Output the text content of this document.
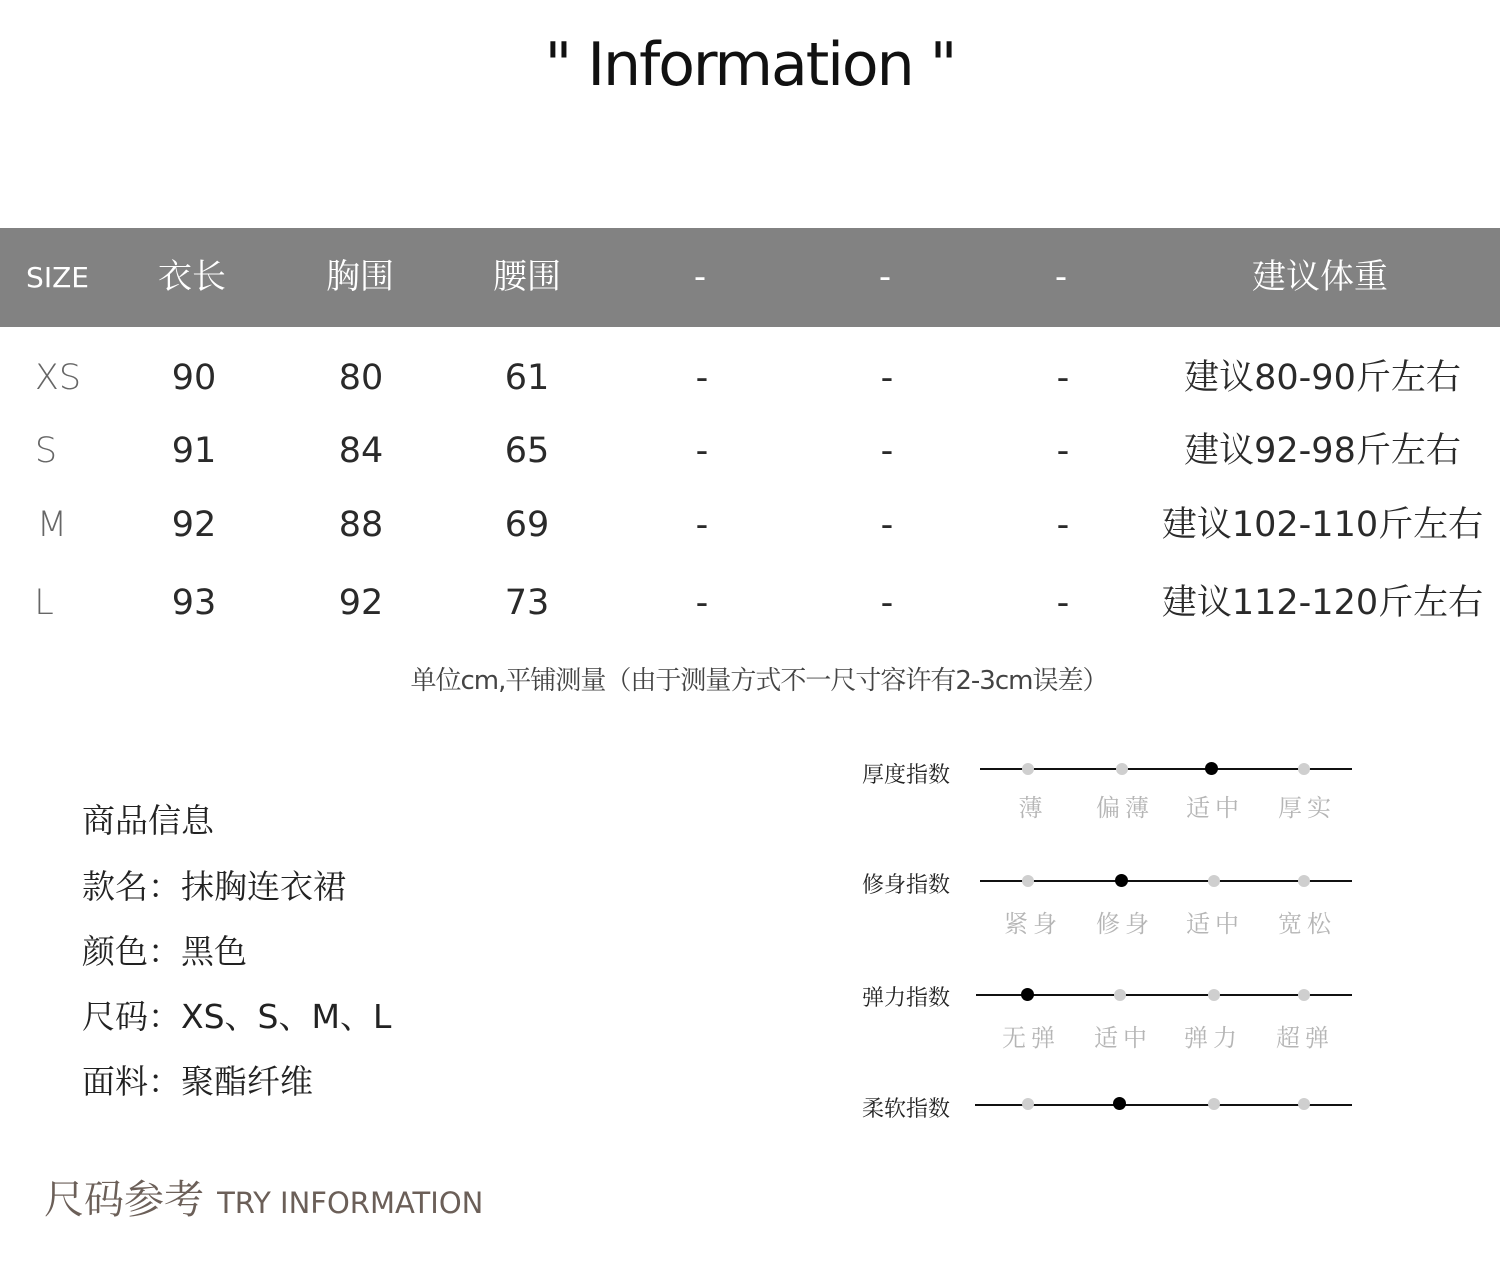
" Information "
SIZE	衣长	胸围	腰围	-	-	-	建议体重
XS	90	80	61	-	-	-	建议80-90斤左右
S	91	84	65	-	-	-	建议92-98斤左右
M	92	88	69	-	-	-	建议102-110斤左右
L	93	92	73	-	-	-	建议112-120斤左右
单位cm,平铺测量（由于测量方式不一尺寸容许有2-3cm误差）
商品信息
款名：抹胸连衣裙
颜色：黑色
尺码：XS、S、M、L
面料：聚酯纤维
厚度指数
薄	偏薄	适中	厚实
修身指数
紧身	修身	适中	宽松
弹力指数
无弹	适中	弹力	超弹
柔软指数
尺码参考 TRY INFORMATION
